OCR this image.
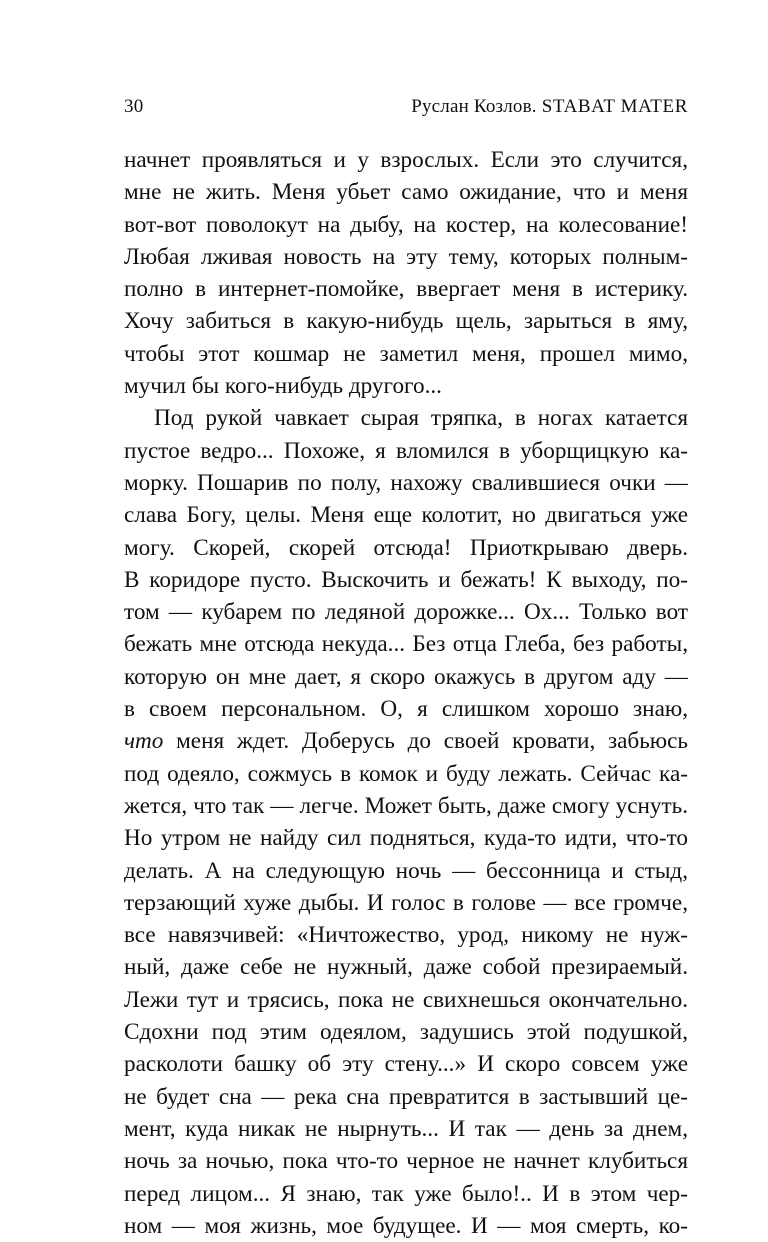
30	Руслан Козлов. STABAT MATER
начнет проявляться и у взрослых. Если это случится,
мне не жить. Меня убьет само ожидание, что и меня
вот-вот поволокут на дыбу, на костер, на колесование!
Любая лживая новость на эту тему, которых полным-
полно в интернет-помойке, ввергает меня в истерику.
Хочу забиться в какую-нибудь щель, зарыться в яму,
чтобы этот кошмар не заметил меня, прошел мимо,
мучил бы кого-нибудь другого...
Под рукой чавкает сырая тряпка, в ногах катается
пустое ведро... Похоже, я вломился в уборщицкую ка-
морку. Пошарив по полу, нахожу свалившиеся очки —
слава Богу, целы. Меня еще колотит, но двигаться уже
могу. Скорей, скорей отсюда! Приоткрываю дверь.
В коридоре пусто. Выскочить и бежать! К выходу, по-
том — кубарем по ледяной дорожке... Ох... Только вот
бежать мне отсюда некуда... Без отца Глеба, без работы,
которую он мне дает, я скоро окажусь в другом аду —
в своем персональном. О, я слишком хорошо знаю,
что меня ждет. Доберусь до своей кровати, забьюсь
под одеяло, сожмусь в комок и буду лежать. Сейчас ка-
жется, что так — легче. Может быть, даже смогу уснуть.
Но утром не найду сил подняться, куда-то идти, что-то
делать. А на следующую ночь — бессонница и стыд,
терзающий хуже дыбы. И голос в голове — все громче,
все навязчивей: «Ничтожество, урод, никому не нуж-
ный, даже себе не нужный, даже собой презираемый.
Лежи тут и трясись, пока не свихнешься окончательно.
Сдохни под этим одеялом, задушись этой подушкой,
расколоти башку об эту стену...» И скоро совсем уже
не будет сна — река сна превратится в застывший це-
мент, куда никак не нырнуть... И так — день за днем,
ночь за ночью, пока что-то черное не начнет клубиться
перед лицом... Я знаю, так уже было!.. И в этом чер-
ном — моя жизнь, мое будущее. И — моя смерть, ко-
